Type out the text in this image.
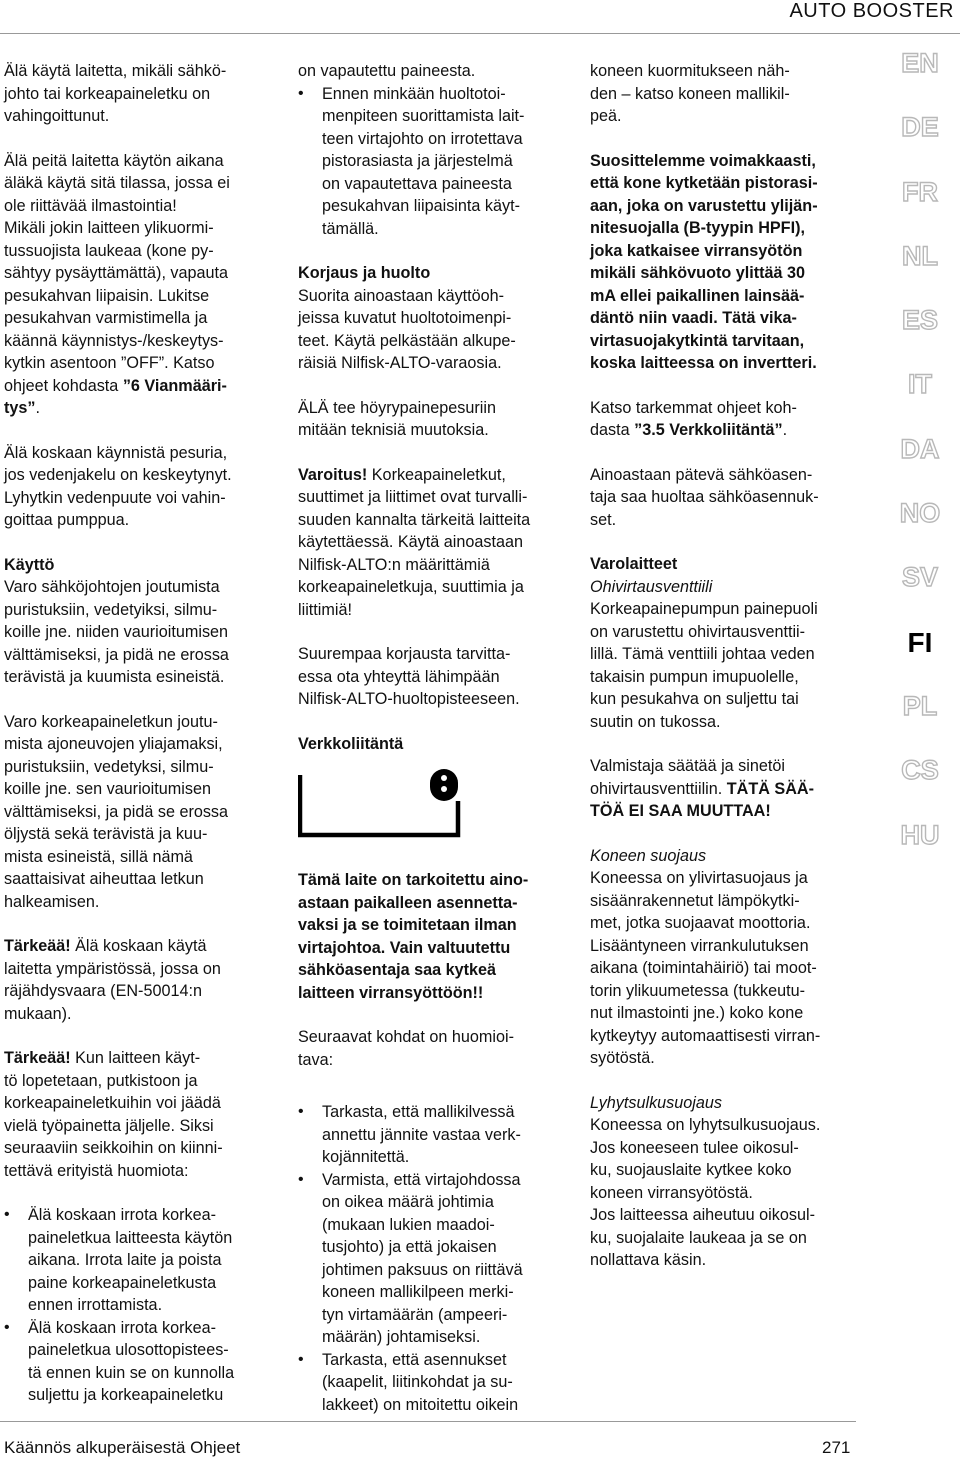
AUTO BOOSTER

Älä käytä laitetta, mikäli sähkö-
johto tai korkeapaineletku on
vahingoittunut.

Älä peitä laitetta käytön aikana
äläkä käytä sitä tilassa, jossa ei
ole riittävää ilmastointia!
Mikäli jokin laitteen ylikuormi-
tussuojista laukeaa (kone py-
sähtyy pysäyttämättä), vapauta
pesukahvan liipaisin. Lukitse
pesukahvan varmistimella ja
käännä käynnistys-/keskeytys-
kytkin asentoon ”OFF”. Katso
ohjeet kohdasta ”6 Vianmääri-
tys”.

Älä koskaan käynnistä pesuria,
jos vedenjakelu on keskeytynyt.
Lyhytkin vedenpuute voi vahin-
goittaa pumppua.

Käyttö

Varo sähköjohtojen joutumista
puristuksiin, vedetyiksi, silmu-
koille jne. niiden vaurioitumisen
välttämiseksi, ja pidä ne erossa
terävistä ja kuumista esineistä.

Varo korkeapaineletkun joutu-
mista ajoneuvojen yliajamaksi,
puristuksiin, vedetyksi, silmu-
koille jne. sen vaurioitumisen
välttämiseksi, ja pidä se erossa
öljystä sekä terävistä ja kuu-
mista esineistä, sillä nämä
saattaisivat aiheuttaa letkun
halkeamisen.

Tärkeää! Älä koskaan käytä
laitetta ympäristössä, jossa on
räjähdysvaara (EN-50014:n
mukaan).

Tärkeää! Kun laitteen käyt-
tö lopetetaan, putkistoon ja
korkeapaineletkuihin voi jäädä
vielä työpainetta jäljelle. Siksi
seuraaviin seikkoihin on kiinni-
tettävä erityistä huomiota:

• Älä koskaan irrota korkea-
paineletkua laitteesta käytön
aikana. Irrota laite ja poista
paine korkeapaineletkusta
ennen irrottamista.
• Älä koskaan irrota korkea-
paineletkua ulosottopistees-
tä ennen kuin se on kunnolla
suljettu ja korkeapaineletku

on vapautettu paineesta.

• Ennen minkään huoltotoi-
menpiteen suorittamista lait-
teen virtajohto on irrotettava
pistorasiasta ja järjestelmä
on vapautettava paineesta
pesukahvan liipaisinta käyt-
tämällä.
Korjaus ja huolto

Suorita ainoastaan käyttöoh-
jeissa kuvatut huoltotoimenpi-
teet. Käytä pelkästään alkupe-
räisiä Nilfisk-ALTO-varaosia.

ÄLÄ tee höyrypainepesuriin
mitään teknisiä muutoksia.

Varoitus! Korkeapaineletkut,
suuttimet ja liittimet ovat turvalli-
suuden kannalta tärkeitä laitteita
käytettäessä. Käytä ainoastaan
Nilfisk-ALTO:n määrittämiä
korkeapaineletkuja, suuttimia ja
liittimiä!

Suurempaa korjausta tarvitta-
essa ota yhteyttä lähimpään
Nilfisk-ALTO-huoltopisteeseen.

Verkkoliitäntä

Tämä laite on tarkoitettu aino-
astaan paikalleen asennetta-
vaksi ja se toimitetaan ilman
virtajohtoa. Vain valtuutettu
sähköasentaja saa kytkeä
laitteen virransyöttöön!!

Seuraavat kohdat on huomioi-
tava:

• Tarkasta, että mallikilvessä
annettu jännite vastaa verk-
kojännitettä.
• Varmista, että virtajohdossa
on oikea määrä johtimia
(mukaan lukien maadoi-
tusjohto) ja että jokaisen
johtimen paksuus on riittävä
koneen mallikilpeen merki-
tyn virtamäärän (ampeeri-
määrän) johtamiseksi.
• Tarkasta, että asennukset
(kaapelit, liitinkohdat ja su-
lakkeet) on mitoitettu oikein

koneen kuormitukseen näh-
den – katso koneen mallikil-
peä.

Suosittelemme voimakkaasti,
että kone kytketään pistorasi-
aan, joka on varustettu ylijän-
nitesuojalla (B-tyypin HPFI),
joka katkaisee virransyötön
mikäli sähkövuoto ylittää 30
mA ellei paikallinen lainsää-
däntö niin vaadi. Tätä vika-
virtasuojakytkintä tarvitaan,
koska laitteessa on invertteri.

Katso tarkemmat ohjeet koh-
dasta ”3.5 Verkkoliitäntä”.

Ainoastaan pätevä sähköasen-
taja saa huoltaa sähköasennuk-
set.

Varolaitteet
Ohivirtausventtiili

Korkeapainepumpun painepuoli
on varustettu ohivirtausventtii-
lillä. Tämä venttiili johtaa veden
takaisin pumpun imupuolelle,
kun pesukahva on suljettu tai
suutin on tukossa.

Valmistaja säätää ja sinetöi
ohivirtausventtiilin. TÄTÄ SÄÄ-
TÖÄ EI SAA MUUTTAA!

Koneen suojaus

Koneessa on ylivirtasuojaus ja
sisäänrakennetut lämpökytki-
met, jotka suojaavat moottoria.
Lisääntyneen virrankulutuksen
aikana (toimintahäiriö) tai moot-
torin ylikuumetessa (tukkeutu-
nut ilmastointi jne.) koko kone
kytkeytyy automaattisesti virran-
syötöstä.

Lyhytsulkusuojaus

Koneessa on lyhytsulkusuojaus.
Jos koneeseen tulee oikosul-
ku, suojauslaite kytkee koko
koneen virransyötöstä.
Jos laitteessa aiheutuu oikosul-
ku, suojalaite laukeaa ja se on
nollattava käsin.

EN
DE
FR
NL
ES
IT
DA
NO
SV
FI
PL
CS
HU
Käännös alkuperäisestä Ohjeet	271
